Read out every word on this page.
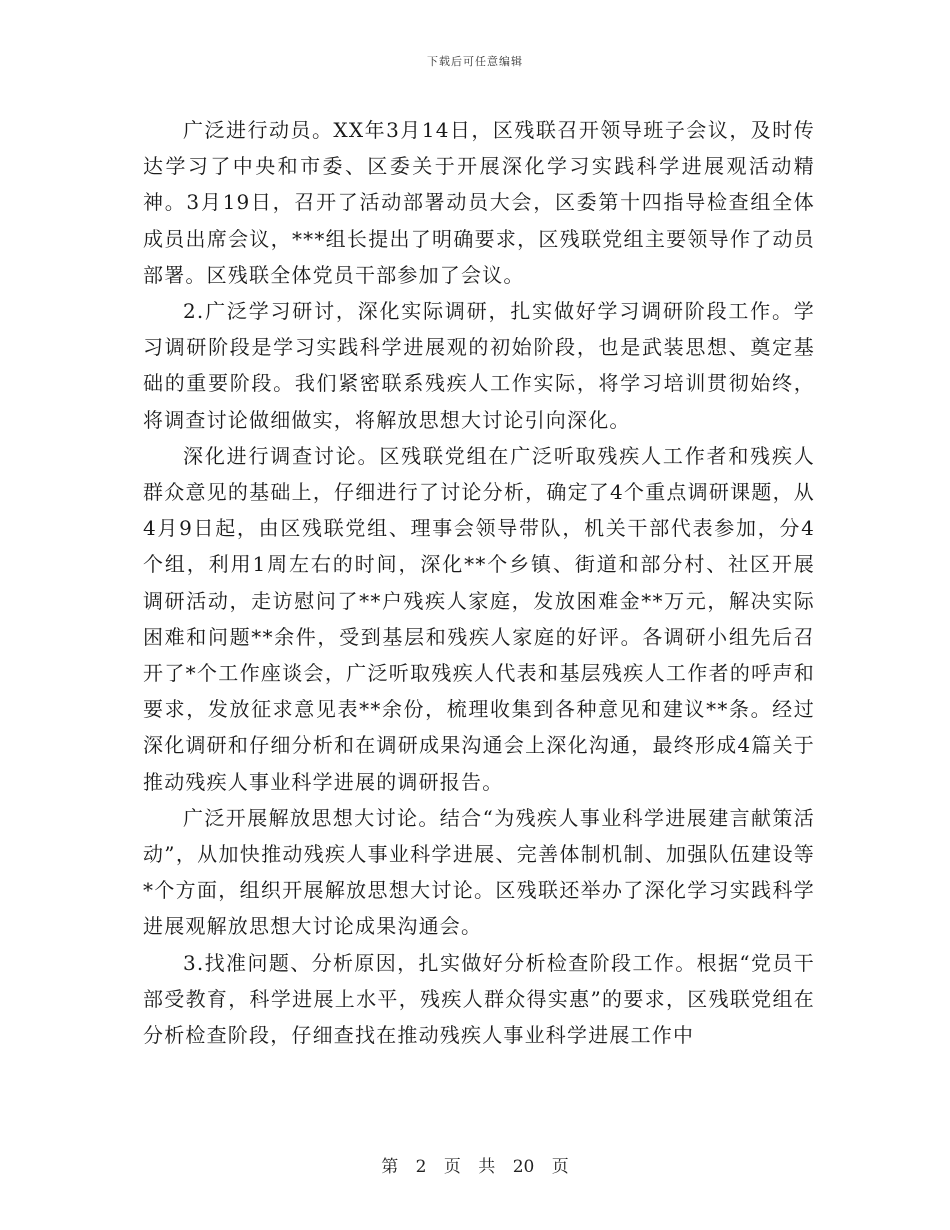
下载后可任意编辑

广泛进行动员。XX年3月14日，区残联召开领导班子会议，及时传达学习了中央和市委、区委关于开展深化学习实践科学进展观活动精神。3月19日，召开了活动部署动员大会，区委第十四指导检查组全体成员出席会议，***组长提出了明确要求，区残联党组主要领导作了动员部署。区残联全体党员干部参加了会议。

2.广泛学习研讨，深化实际调研，扎实做好学习调研阶段工作。学习调研阶段是学习实践科学进展观的初始阶段，也是武装思想、奠定基础的重要阶段。我们紧密联系残疾人工作实际，将学习培训贯彻始终，将调查讨论做细做实，将解放思想大讨论引向深化。

深化进行调查讨论。区残联党组在广泛听取残疾人工作者和残疾人群众意见的基础上，仔细进行了讨论分析，确定了4个重点调研课题，从4月9日起，由区残联党组、理事会领导带队，机关干部代表参加，分4个组，利用1周左右的时间，深化**个乡镇、街道和部分村、社区开展调研活动，走访慰问了**户残疾人家庭，发放困难金**万元，解决实际困难和问题**余件，受到基层和残疾人家庭的好评。各调研小组先后召开了*个工作座谈会，广泛听取残疾人代表和基层残疾人工作者的呼声和要求，发放征求意见表**余份，梳理收集到各种意见和建议**条。经过深化调研和仔细分析和在调研成果沟通会上深化沟通，最终形成4篇关于推动残疾人事业科学进展的调研报告。

广泛开展解放思想大讨论。结合“为残疾人事业科学进展建言献策活动”，从加快推动残疾人事业科学进展、完善体制机制、加强队伍建设等*个方面，组织开展解放思想大讨论。区残联还举办了深化学习实践科学进展观解放思想大讨论成果沟通会。

3.找准问题、分析原因，扎实做好分析检查阶段工作。根据“党员干部受教育，科学进展上水平，残疾人群众得实惠”的要求，区残联党组在分析检查阶段，仔细查找在推动残疾人事业科学进展工作中

第 2 页 共 20 页
